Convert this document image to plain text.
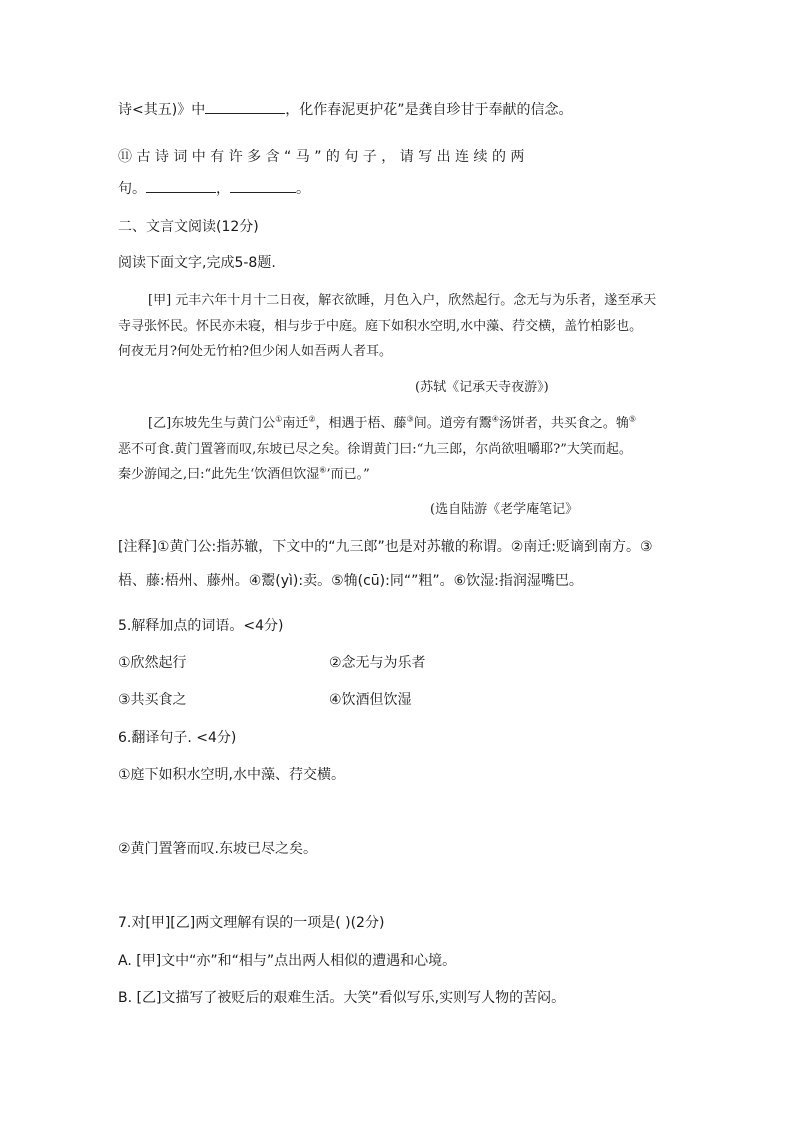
诗<其五)》中	，化作春泥更护花”是龚自珍甘于奉献的信念。
⑪ 古 诗 词 中 有 许 多 含 “ 马 ” 的 句 子 ， 请 写 出 连 续 的 两
句。	，	。
二、文言文阅读(12分)
阅读下面文字,完成5-8题.
[甲] 元丰六年十月十二日夜，解衣欲睡，月色入户，欣然起行。念无与为乐者，遂至承天
寺寻张怀民。怀民亦未寝，相与步于中庭。庭下如积水空明,水中藻、荇交横，盖竹柏影也。
何夜无月?何处无竹柏?但少闲人如吾两人者耳。
(苏轼《记承天寺夜游》)
[乙]东坡先生与黄门公①南迁②，相遇于梧、藤③间。道旁有鬻④汤饼者，共买食之。觕⑤
恶不可食.黄门置箸而叹,东坡已尽之矣。徐谓黄门曰:“九三郎，尔尚欲咀嚼耶?”大笑而起。
秦少游闻之,曰:“此先生‘饮酒但饮湿⑥’而已。”
(选自陆游《老学庵笔记》
[注释]①黄门公:指苏辙，下文中的“九三郎”也是对苏辙的称谓。②南迁:贬谪到南方。③
梧、藤:梧州、藤州。④鬻(yì):卖。⑤觕(cū):同“”粗”。⑥饮湿:指润湿嘴巴。
5.解释加点的词语。<4分)
①欣然起行	②念无与为乐者
③共买食之	④饮酒但饮湿
6.翻译句子. <4分)
①庭下如积水空明,水中藻、荇交横。
②黄门置箸而叹.东坡已尽之矣。
7.对[甲][乙]两文理解有误的一项是( )(2分)
A. [甲]文中“亦”和“相与”点出两人相似的遭遇和心境。
B. [乙]文描写了被贬后的艰难生活。大笑”看似写乐,实则写人物的苦闷。
